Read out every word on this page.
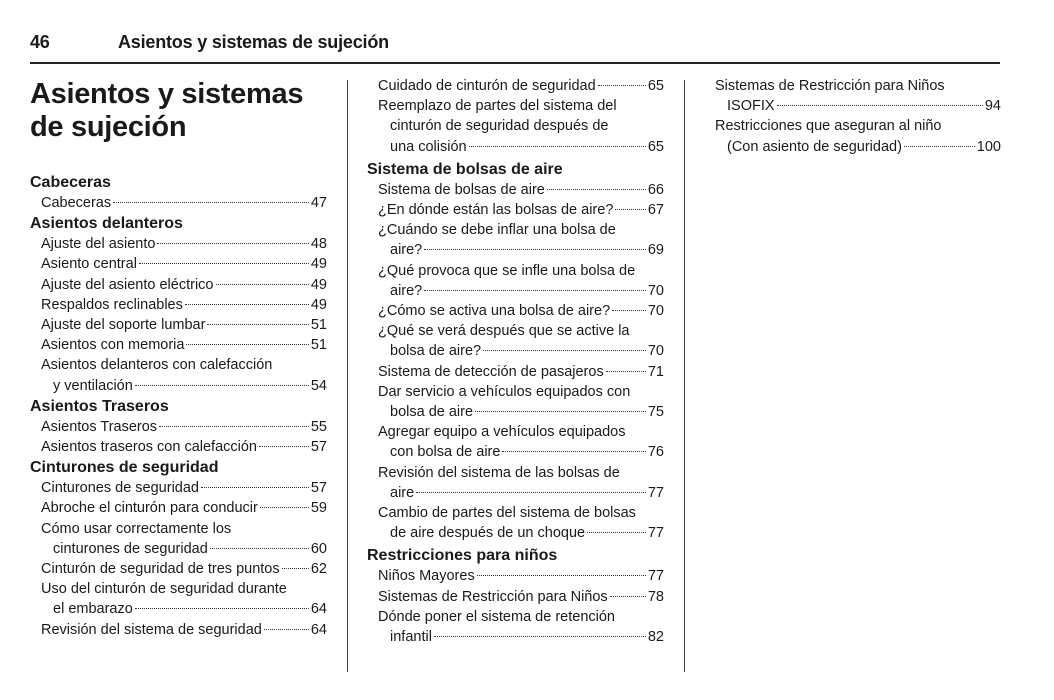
46	Asientos y sistemas de sujeción
Asientos y sistemas
de sujeción
Cabeceras
Cabeceras	47
Asientos delanteros
Ajuste del asiento	48
Asiento central	49
Ajuste del asiento eléctrico	49
Respaldos reclinables	49
Ajuste del soporte lumbar	51
Asientos con memoria	51
Asientos delanteros con calefacción
y ventilación	54
Asientos Traseros
Asientos Traseros	55
Asientos traseros con calefacción	57
Cinturones de seguridad
Cinturones de seguridad	57
Abroche el cinturón para conducir	59
Cómo usar correctamente los
cinturones de seguridad	60
Cinturón de seguridad de tres puntos 62
Uso del cinturón de seguridad durante
el embarazo	64
Revisión del sistema de seguridad	64
Cuidado de cinturón de seguridad	65
Reemplazo de partes del sistema del
cinturón de seguridad después de
una colisión	65
Sistema de bolsas de aire
Sistema de bolsas de aire	66
¿En dónde están las bolsas de aire? 67
¿Cuándo se debe inflar una bolsa de
aire?	69
¿Qué provoca que se infle una bolsa de
aire?	70
¿Cómo se activa una bolsa de aire?	70
¿Qué se verá después que se active la
bolsa de aire?	70
Sistema de detección de pasajeros	71
Dar servicio a vehículos equipados con
bolsa de aire	75
Agregar equipo a vehículos equipados
con bolsa de aire	76
Revisión del sistema de las bolsas de
aire	77
Cambio de partes del sistema de bolsas
de aire después de un choque	77
Restricciones para niños
Niños Mayores	77
Sistemas de Restricción para Niños	78
Dónde poner el sistema de retención
infantil	82
Sistemas de Restricción para Niños
ISOFIX	94
Restricciones que aseguran al niño
(Con asiento de seguridad)	100
